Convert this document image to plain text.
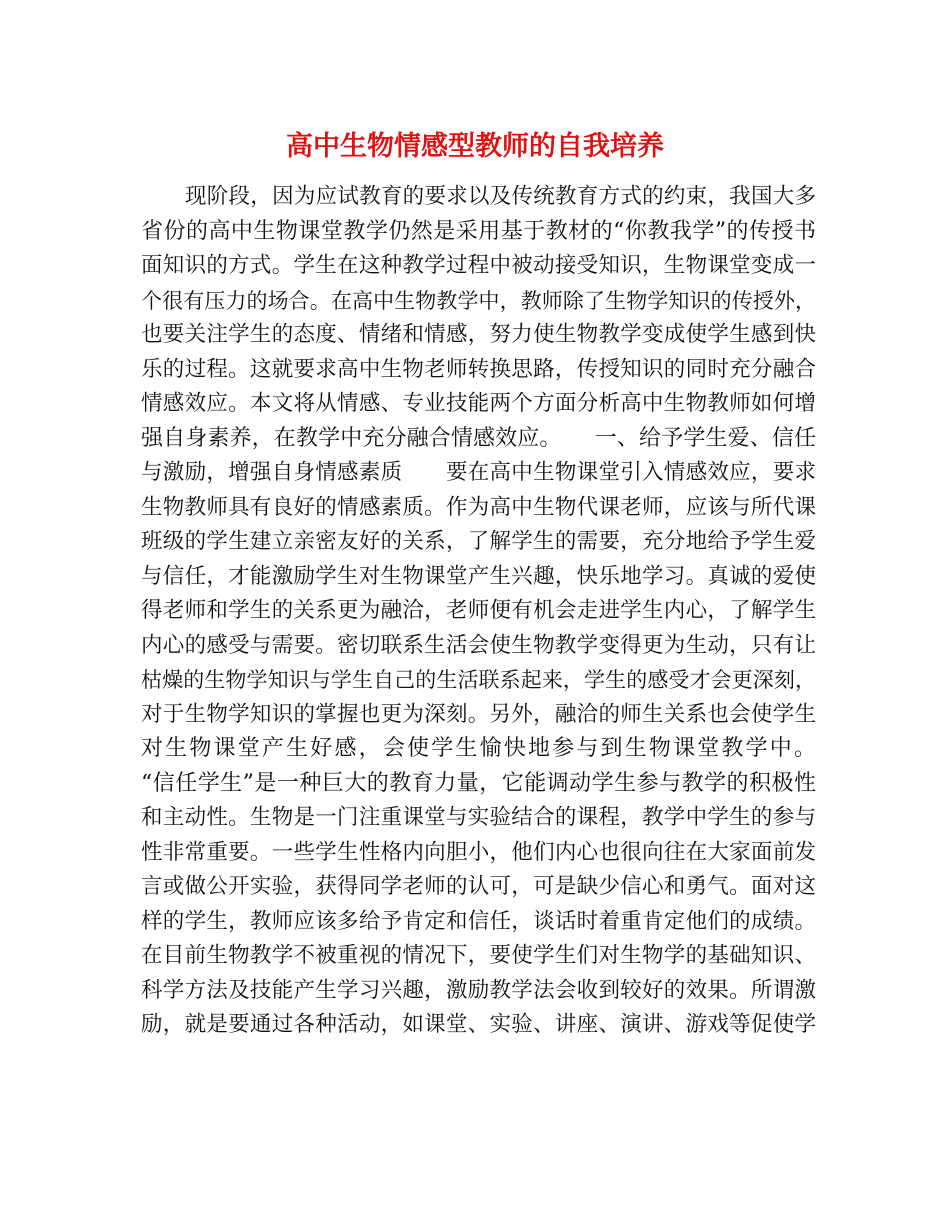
高中生物情感型教师的自我培养
现阶段，因为应试教育的要求以及传统教育方式的约束，我国大多
省份的高中生物课堂教学仍然是采用基于教材的“你教我学”的传授书
面知识的方式。学生在这种教学过程中被动接受知识，生物课堂变成一
个很有压力的场合。在高中生物教学中，教师除了生物学知识的传授外，
也要关注学生的态度、情绪和情感，努力使生物教学变成使学生感到快
乐的过程。这就要求高中生物老师转换思路，传授知识的同时充分融合
情感效应。本文将从情感、专业技能两个方面分析高中生物教师如何增
强自身素养，在教学中充分融合情感效应。　　一、给予学生爱、信任
与激励，增强自身情感素质　　要在高中生物课堂引入情感效应，要求
生物教师具有良好的情感素质。作为高中生物代课老师，应该与所代课
班级的学生建立亲密友好的关系，了解学生的需要，充分地给予学生爱
与信任，才能激励学生对生物课堂产生兴趣，快乐地学习。真诚的爱使
得老师和学生的关系更为融洽，老师便有机会走进学生内心，了解学生
内心的感受与需要。密切联系生活会使生物教学变得更为生动，只有让
枯燥的生物学知识与学生自己的生活联系起来，学生的感受才会更深刻，
对于生物学知识的掌握也更为深刻。另外，融洽的师生关系也会使学生
对生物课堂产生好感，会使学生愉快地参与到生物课堂教学中。
“信任学生”是一种巨大的教育力量，它能调动学生参与教学的积极性
和主动性。生物是一门注重课堂与实验结合的课程，教学中学生的参与
性非常重要。一些学生性格内向胆小，他们内心也很向往在大家面前发
言或做公开实验，获得同学老师的认可，可是缺少信心和勇气。面对这
样的学生，教师应该多给予肯定和信任，谈话时着重肯定他们的成绩。
在目前生物教学不被重视的情况下，要使学生们对生物学的基础知识、
科学方法及技能产生学习兴趣，激励教学法会收到较好的效果。所谓激
励，就是要通过各种活动，如课堂、实验、讲座、演讲、游戏等促使学
